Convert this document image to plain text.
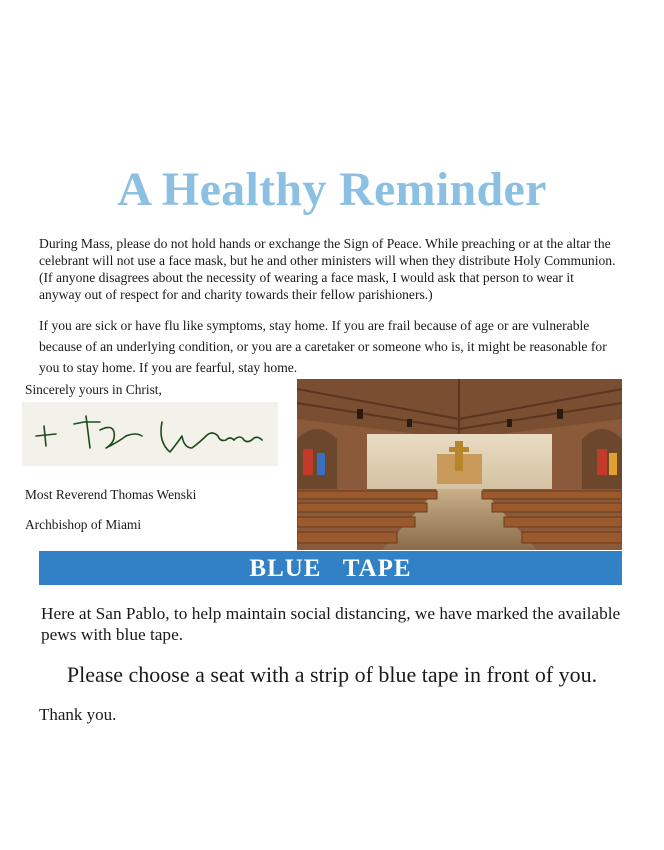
A Healthy Reminder
During Mass, please do not hold hands or exchange the Sign of Peace. While preaching or at the altar the celebrant will not use a face mask, but he and other ministers will when they distribute Holy Communion. (If anyone disagrees about the necessity of wearing a face mask, I would ask that person to wear it anyway out of respect for and charity towards their fellow parishioners.)
If you are sick or have flu like symptoms, stay home. If you are frail because of age or are vulnerable because of an underlying condition, or you are a caretaker or someone who is, it might be reasonable for you to stay home. If you are fearful, stay home.
Sincerely yours in Christ,
Most Reverend Thomas Wenski
Archbishop of Miami
BLUE   TAPE
Here at San Pablo, to help maintain social distancing, we have marked the available pews with blue tape.
Please choose a seat with a strip of blue tape in front of you.
Thank you.
